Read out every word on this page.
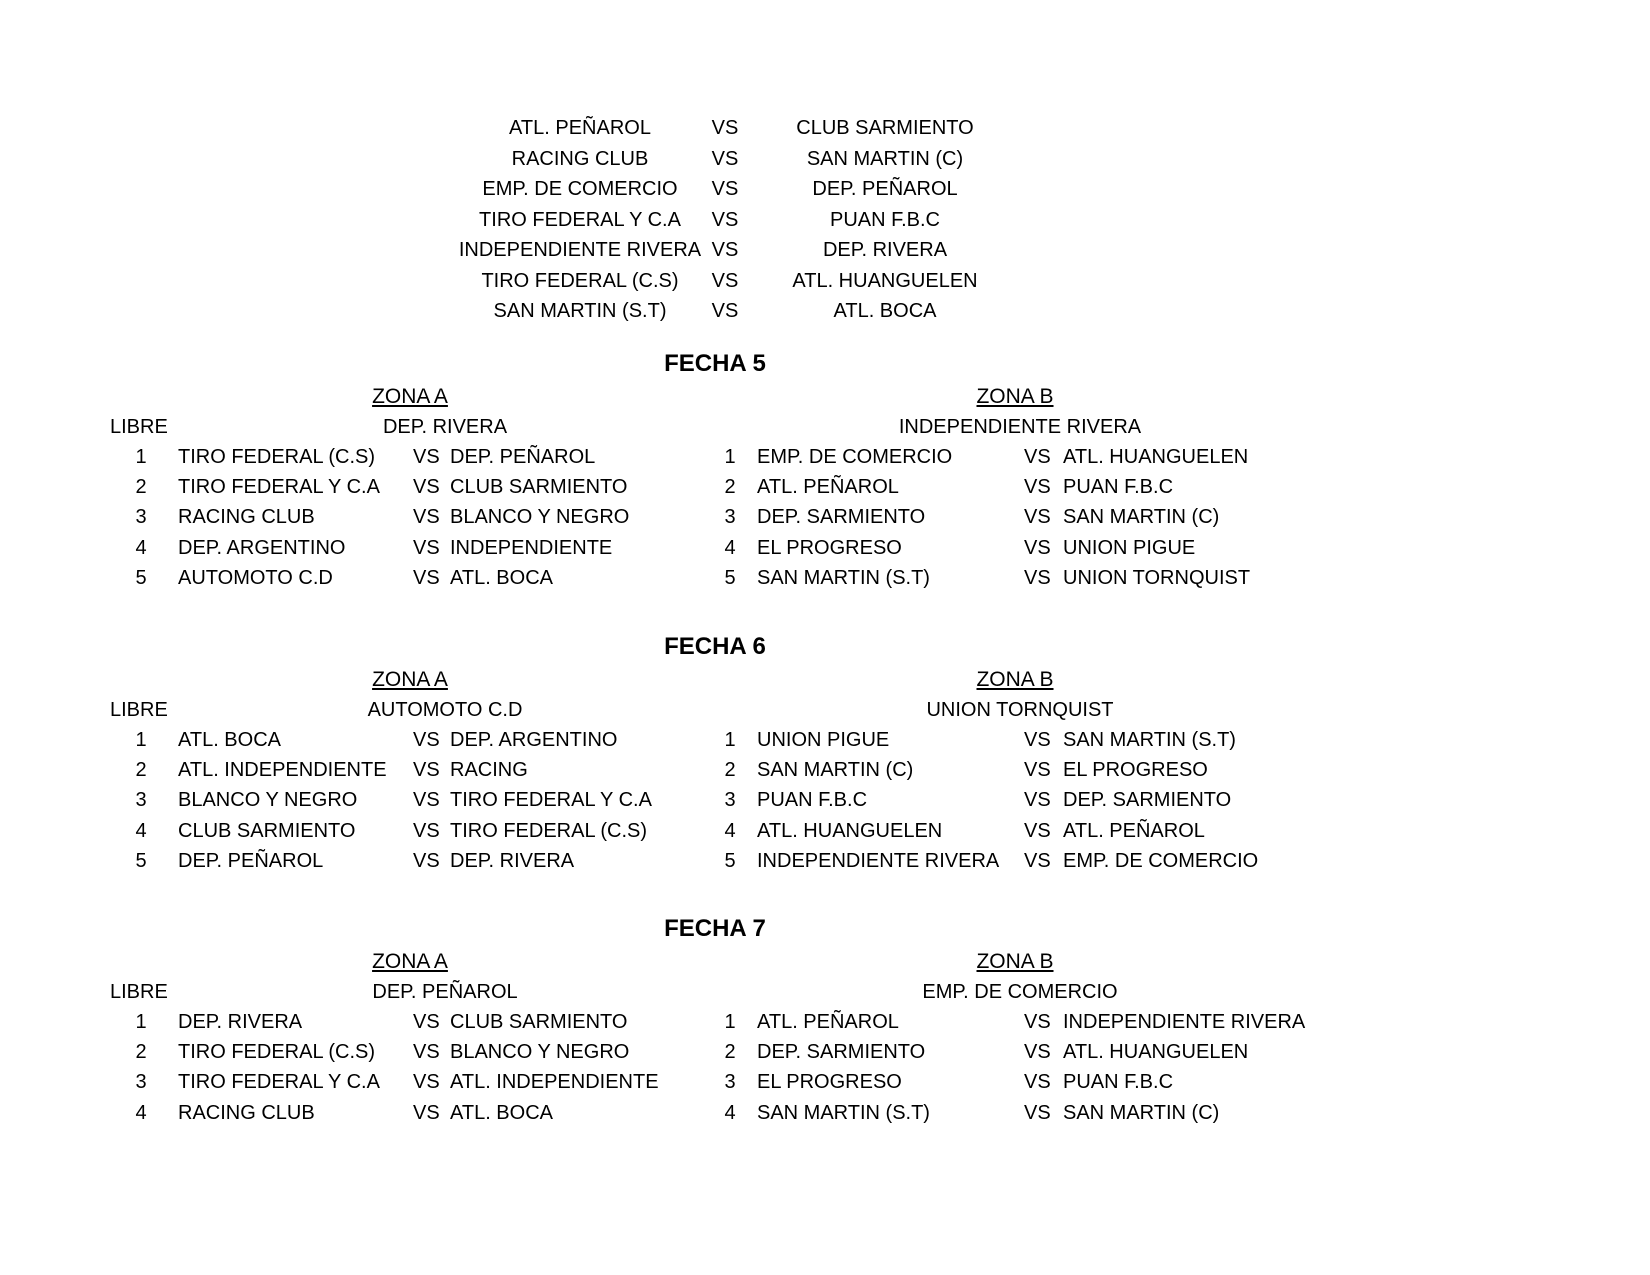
ATL. PEÑAROL	VS	CLUB SARMIENTO
RACING CLUB	VS	SAN MARTIN (C)
EMP. DE COMERCIO	VS	DEP. PEÑAROL
TIRO FEDERAL Y C.A	VS	PUAN F.B.C
INDEPENDIENTE RIVERA VS	DEP. RIVERA
TIRO FEDERAL (C.S)	VS	ATL. HUANGUELEN
SAN MARTIN (S.T)	VS	ATL. BOCA
FECHA 5
ZONA A	ZONA B
LIBRE	DEP. RIVERA	INDEPENDIENTE RIVERA
1 TIRO FEDERAL (C.S) VS DEP. PEÑAROL
2 TIRO FEDERAL Y C.A VS CLUB SARMIENTO
3 RACING CLUB	VS BLANCO Y NEGRO
4 DEP. ARGENTINO	VS INDEPENDIENTE
5 AUTOMOTO C.D	VS ATL. BOCA
1 EMP. DE COMERCIO	VS ATL. HUANGUELEN
2 ATL. PEÑAROL	VS PUAN F.B.C
3 DEP. SARMIENTO	VS SAN MARTIN (C)
4 EL PROGRESO	VS UNION PIGUE
5 SAN MARTIN (S.T)	VS UNION TORNQUIST
FECHA 6
ZONA A	ZONA B
LIBRE	AUTOMOTO C.D	UNION TORNQUIST
1 ATL. BOCA	VS DEP. ARGENTINO
2 ATL. INDEPENDIENTE VS RACING
3 BLANCO Y NEGRO	VS TIRO FEDERAL Y C.A
4 CLUB SARMIENTO	VS TIRO FEDERAL (C.S)
5 DEP. PEÑAROL	VS DEP. RIVERA
1 UNION PIGUE	VS SAN MARTIN (S.T)
2 SAN MARTIN (C)	VS EL PROGRESO
3 PUAN F.B.C	VS DEP. SARMIENTO
4 ATL. HUANGUELEN	VS ATL. PEÑAROL
5 INDEPENDIENTE RIVERA VS EMP. DE COMERCIO
FECHA 7
ZONA A	ZONA B
LIBRE	DEP. PEÑAROL	EMP. DE COMERCIO
1 DEP. RIVERA	VS CLUB SARMIENTO
2 TIRO FEDERAL (C.S) VS BLANCO Y NEGRO
3 TIRO FEDERAL Y C.A VS ATL. INDEPENDIENTE
4 RACING CLUB	VS ATL. BOCA
1 ATL. PEÑAROL	VS INDEPENDIENTE RIVERA
2 DEP. SARMIENTO	VS ATL. HUANGUELEN
3 EL PROGRESO	VS PUAN F.B.C
4 SAN MARTIN (S.T)	VS SAN MARTIN (C)
